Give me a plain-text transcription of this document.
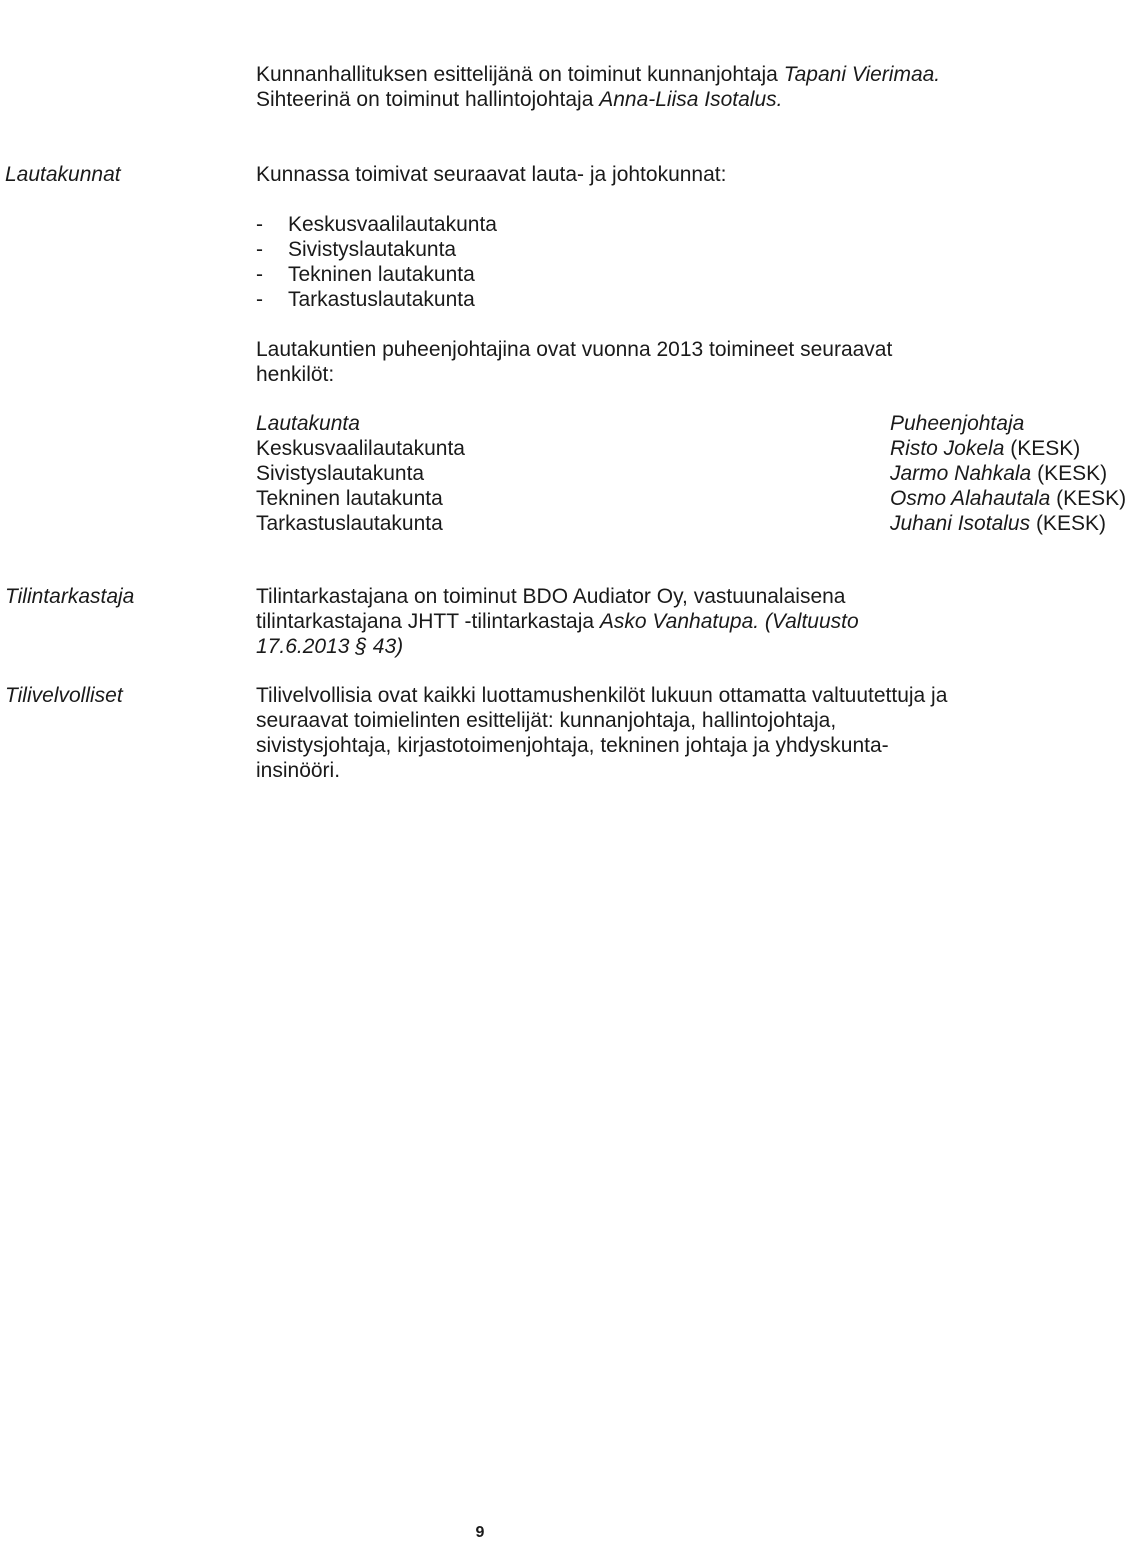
Kunnanhallituksen esittelijänä on toiminut kunnanjohtaja Tapani Vierimaa.
Sihteerinä on toiminut hallintojohtaja Anna-Liisa Isotalus.
Lautakunnat	Kunnassa toimivat seuraavat lauta- ja johtokunnat:
- Keskusvaalilautakunta
- Sivistyslautakunta
- Tekninen lautakunta
- Tarkastuslautakunta
Lautakuntien puheenjohtajina ovat vuonna 2013 toimineet seuraavat henkilöt:
Lautakunta	Puheenjohtaja
Keskusvaalilautakunta	Risto Jokela (KESK)
Sivistyslautakunta	Jarmo Nahkala (KESK)
Tekninen lautakunta	Osmo Alahautala (KESK)
Tarkastuslautakunta	Juhani Isotalus (KESK)
Tilintarkastaja	Tilintarkastajana on toiminut BDO Audiator Oy, vastuunalaisena tilintarkastajana JHTT -tilintarkastaja Asko Vanhatupa. (Valtuusto 17.6.2013 § 43)
Tilivelvolliset	Tilivelvollisia ovat kaikki luottamushenkilöt lukuun ottamatta valtuutettuja ja seuraavat toimielinten esittelijät: kunnanjohtaja, hallintojohtaja, sivistysjohtaja, kirjastotoimenjohtaja, tekninen johtaja ja yhdyskunta-insinööri.
9
